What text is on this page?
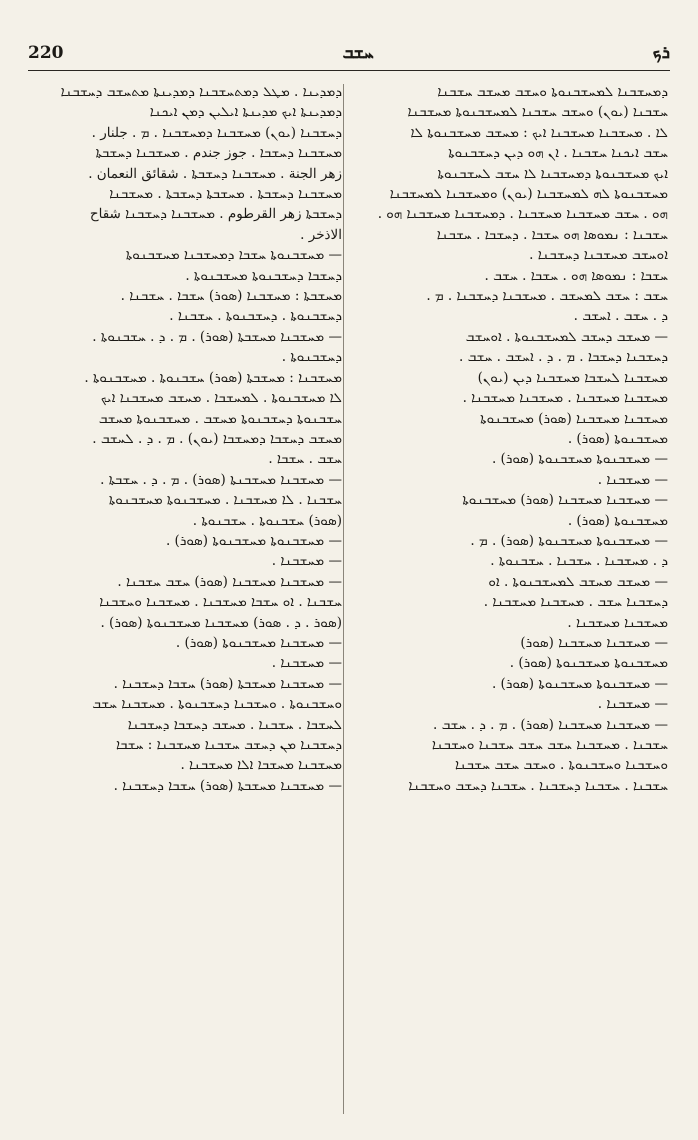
220	ܚܫܒ	ܪܟ
ܕܡܕܝܢܐ . ܡܛܠ ܕܡܬܚܫܒܢܐ ܕܡܕܝܢܬܐ ܡܬܚܫܒ ܕܚܫܒܢܐ
ܕܡܕܝܢܬܐ ܐܝܟ ܡܕܝܢܬܐ ܐܝܠܝܢ ܕܡܢ ܐܝܟܢܐ
ܕܚܫܒܢܐ (ܝܘܢ) ܡܚܫܒܢܐ ܕܡܚܫܒܢܐ . ܡ . جلنار .
ܡܚܫܒܢܐ ܕܚܫܒܐ . جوز جندم . ܡܚܫܒܢܐ ܕܚܫܒܬܐ
زهر الجنة . ܡܚܫܒܢܐ ܕܚܫܒܬܐ . شقائق النعمان .
ܡܚܫܒܢܐ ܕܚܫܒܬܐ . ܡܚܫܒܬܐ ܕܚܫܒܬܐ . ܡܚܫܒܢܐ
ܕܚܫܒܬܐ زهر القرطوم . ܡܚܫܒܢܐ ܕܚܫܒܢܐ شقاح
الاذخر .
— ܡܚܫܒܢܘܬܐ ܚܫܒܐ ܕܡܚܫܒܢܐ ܡܚܫܒܢܘܬܐ
ܕܚܫܒܐ ܕܚܫܒܢܘܬܐ ܡܚܫܒܢܘܬܐ .
ܡܚܫܒܬܐ : ܡܚܫܒܢܐ (ܣܘܪ) ܚܫܒܐ . ܚܫܒܢܐ .
ܕܚܫܒܢܘܬܐ . ܕܚܫܒܢܘܬܐ . ܚܫܒܢܐ .
— ܡܚܫܒܢܐ ܡܚܫܒܬܐ (ܣܘܪ) . ܡ . ܕ . ܚܫܒܢܘܬܐ .
ܕܚܫܒܢܘܬܐ .
ܡܚܫܒܢܐ : ܡܚܫܒܬܐ (ܣܘܪ) ܚܫܒܢܘܬܐ . ܡܚܫܒܢܘܬܐ .
ܠܐ ܡܚܫܒܢܘܬܐ . ܠܡܚܫܒܐ . ܡܚܫܒ ܡܚܫܒܢܐ ܐܝܟ
ܚܫܒܢܘܬܐ ܕܚܫܒܢܘܬܐ ܡܚܫܒ . ܡܚܫܒܢܘܬܐ ܡܚܫܒ
ܡܚܫܒ ܕܚܫܒܐ ܕܡܚܫܒܐ (ܝܘܢ) . ܡ . ܕ . ܠܚܫܒ .
ܚܫܒ . ܚܫܒܐ .
— ܡܚܫܒܢܐ ܡܚܫܒܢܬܐ (ܣܘܪ) . ܡ . ܕ . ܚܫܒܬܐ .
ܚܫܒܢܐ . ܠܐ ܡܚܫܒܢܐ . ܡܚܫܒܢܘܬܐ ܡܚܫܒܢܘܬܐ
(ܣܘܪ) ܚܫܒܢܘܬܐ . ܚܫܒܢܘܬܐ .
— ܡܚܫܒܢܘܬܐ ܡܚܫܒܢܘܬܐ (ܣܘܪ) .
— ܡܚܫܒܢܐ .
— ܡܚܫܒܢܐ ܡܚܫܒܢܐ (ܣܘܪ) ܚܫܒ ܚܫܒܢܐ .
ܚܫܒܢܐ . ܐܘ ܚܫܒܐ ܡܚܫܒܢܐ . ܡܚܫܒܢܐ ܘܚܫܒܢܐ
(ܣܘܪ . ܕ . ܣܘܪ) ܡܚܫܒܢܐ ܡܚܫܒܢܘܬܐ (ܣܘܪ) .
— ܡܚܫܒܢܐ ܡܚܫܒܢܘܬܐ (ܣܘܪ) .
— ܡܚܫܒܢܐ .
— ܡܚܫܒܢܐ ܡܚܫܒܬܐ (ܣܘܪ) ܚܫܒܐ ܕܚܫܒܢܐ .
ܘܚܫܒܢܘܬܐ . ܘܚܫܒܢܐ ܕܚܫܒܢܘܬܐ . ܡܚܫܒܢܐ ܚܫܒ
ܠܚܫܒܐ . ܚܫܒܢܐ . ܡܚܫܒ ܕܚܫܒܐ ܕܚܫܒܢܐ
ܕܚܫܒܢܐ ܡܢ ܕܚܫܒ ܚܫܒܢܐ ܡܚܫܒܢܐ : ܚܫܒܐ
ܡܚܫܒܢܐ ܡܚܫܒܐ ܐܠܐ ܡܚܫܒܢܐ .
— ܡܚܫܒܢܐ ܡܚܫܒܬܐ (ܣܘܪ) ܚܫܒܐ ܕܚܫܒܢܐ .
ܕܡܚܫܒܢܐ ܠܡܚܫܒܢܘܬܐ ܘܚܫܒ ܡܚܫܒ ܚܫܒܢܐ
ܚܫܒܢܐ (ܝܘܢ) ܘܚܫܒ ܚܫܒܢܐ ܠܡܚܫܒܢܘܬܐ ܡܚܫܒܢܐ
ܠܐ . ܡܚܫܒܢܐ ܡܚܫܒܢܐ ܐܝܟ : ܡܚܫܒ ܡܚܫܒܢܘܬܐ ܠܐ
ܚܫܒ ܐܝܟܢܐ ܚܫܒܢܐ . ܐܢ ܗܘ ܕܝܢ ܕܚܫܒܢܘܬܐ
ܐܝܟ ܡܚܫܒܢܘܬܐ ܕܡܚܫܒܢܐ ܠܐ ܚܫܒ ܠܚܫܒܢܘܬܐ
ܡܚܫܒܢܘܬܐ ܠܗ ܠܡܚܫܒܢܐ (ܝܘܢ) ܘܡܚܫܒܢܐ ܠܡܚܫܒܢܐ
ܗܘ . ܚܫܒ ܡܚܫܒܢܐ ܡܚܫܒܢܐ . ܕܡܚܫܒܢܐ ܡܚܫܒܢܐ ܗܘ .
ܚܫܒܢܐ : ܢܡܘܣܐ ܗܘ ܚܫܒܐ . ܕܚܫܒܐ . ܚܫܒܢܐ
ܐܘܚܫܒ ܡܚܫܒܢܐ ܕܚܫܒܢܐ .
ܚܫܒܐ : ܢܡܘܣܐ ܗܘ . ܚܫܒܐ . ܚܫܒ .
ܚܫܒ : ܚܫܒ ܠܡܚܫܒ . ܡܚܫܒܢܐ ܕܚܫܒܢܐ . ܡ .
ܕ . ܚܫܒ . ܐܚܫܒ .
— ܡܚܫܒ ܕܚܫܒ ܠܡܚܫܒܢܘܬܐ . ܐܘܚܫܒ
ܕܚܫܒܢܐ ܕܚܫܒܐ . ܡ . ܕ . ܐܚܫܒ . ܚܫܒ .
ܡܚܫܒܢܐ ܠܚܫܒܐ ܡܚܫܒܢܐ ܕܝܢ (ܝܘܢ)
ܡܚܫܒܢܐ ܡܚܫܒܢܐ . ܡܚܫܒܢܐ ܡܚܫܒܢܐ .
ܡܚܫܒܢܐ ܡܚܫܒܢܐ (ܣܘܪ) ܡܚܫܒܢܘܬܐ
ܡܚܫܒܢܘܬܐ (ܣܘܪ) .
— ܡܚܫܒܢܘܬܐ ܡܚܫܒܢܘܬܐ (ܣܘܪ) .
— ܡܚܫܒܢܐ .
— ܡܚܫܒܢܐ ܡܚܫܒܢܐ (ܣܘܪ) ܡܚܫܒܢܘܬܐ
ܡܚܫܒܢܘܬܐ (ܣܘܪ) .
— ܡܚܫܒܢܘܬܐ ܡܚܫܒܢܘܬܐ (ܣܘܪ) . ܡ .
ܕ . ܡܚܫܒܢܐ . ܚܫܒܢܐ . ܚܫܒܢܘܬܐ .
— ܡܚܫܒ ܡܚܫܒ ܠܡܚܫܒܢܘܬܐ . ܐܘ
ܕܚܫܒܢܐ ܚܫܒ . ܡܚܫܒܢܐ ܡܚܫܒܢܐ .
ܡܚܫܒܢܐ ܡܚܫܒܢܐ .
— ܡܚܫܒܢܐ ܡܚܫܒܢܐ (ܣܘܪ)
ܡܚܫܒܢܘܬܐ ܡܚܫܒܢܘܬܐ (ܣܘܪ) .
— ܡܚܫܒܢܘܬܐ ܡܚܫܒܢܘܬܐ (ܣܘܪ) .
— ܡܚܫܒܢܐ .
— ܡܚܫܒܢܐ ܡܚܫܒܢܐ (ܣܘܪ) . ܡ . ܕ . ܚܫܒ .
ܚܫܒܢܐ . ܡܚܫܒܢܐ ܚܫܒ ܚܫܒ ܚܫܒܢܐ ܘܚܫܒܢܐ
ܘܚܫܒܢܐ ܘܚܫܒܢܘܬܐ . ܘܚܫܒ ܚܫܒ ܚܫܒܢܐ
ܚܫܒܢܐ . ܚܫܒܢܐ ܕܚܫܒܢܐ . ܚܫܒܢܐ ܕܚܫܒ ܘܚܫܒܢܐ
